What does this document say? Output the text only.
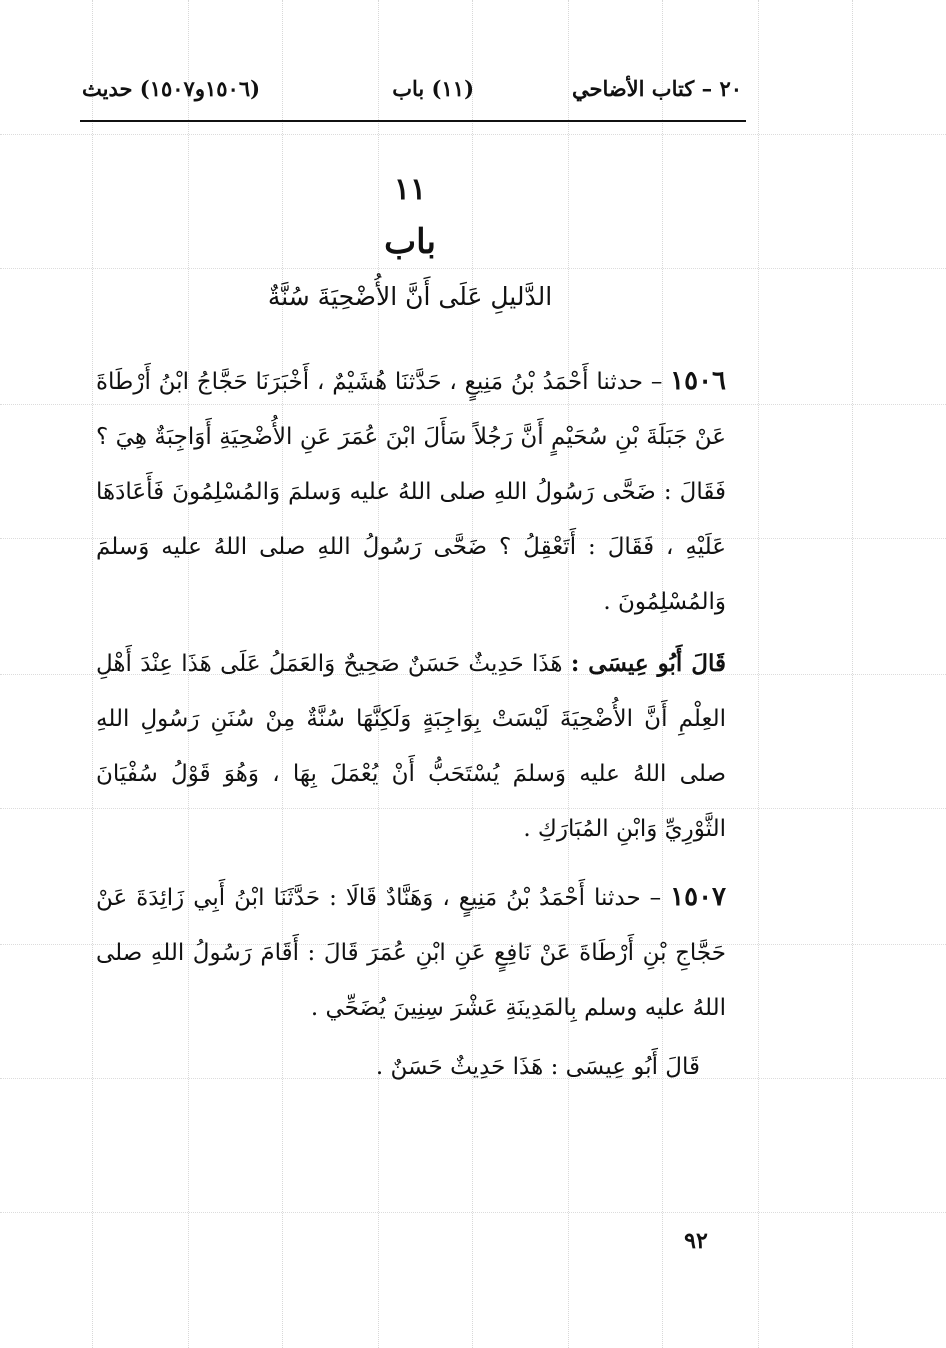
٢٠ – كتاب الأضاحي
(١١) باب
(١٥٠٦و١٥٠٧) حديث
١١
باب
الدَّليلِ عَلَى أَنَّ الأُضْحِيَةَ سُنَّةٌ
١٥٠٦ – حدثنا أَحْمَدُ بْنُ مَنِيعٍ ، حَدَّثنَا هُشَيْمٌ ، أَخْبَرَنَا حَجَّاجُ ابْنُ أَرْطَاةَ عَنْ جَبَلَةَ بْنِ سُحَيْمٍ أَنَّ رَجُلاً سَأَلَ ابْنَ عُمَرَ عَنِ الأُضْحِيَةِ أَوَاجِبَةٌ هِيَ ؟ فَقَالَ : ضَحَّى رَسُولُ اللهِ صلى اللهُ عليه وَسلمَ وَالمُسْلِمُونَ فَأَعَادَهَا عَلَيْهِ ، فَقَالَ : أَتَعْقِلُ ؟ ضَحَّى رَسُولُ اللهِ صلى اللهُ عليه وَسلمَ وَالمُسْلِمُونَ .
قَالَ أَبُو عِيسَى : هَذَا حَدِيثٌ حَسَنٌ صَحِيحٌ وَالعَمَلُ عَلَى هَذَا عِنْدَ أَهْلِ العِلْمِ أَنَّ الأُضْحِيَةَ لَيْسَتْ بِوَاجِبَةٍ وَلَكِنَّهَا سُنَّةٌ مِنْ سُنَنِ رَسُولِ اللهِ صلى اللهُ عليه وَسلمَ يُسْتَحَبُّ أَنْ يُعْمَلَ بِهَا ، وَهُوَ قَوْلُ سُفْيَانَ الثَّوْرِيِّ وَابْنِ المُبَارَكِ .
١٥٠٧ – حدثنا أَحْمَدُ بْنُ مَنِيعٍ ، وَهَنَّادٌ قَالَا : حَدَّثَنَا ابْنُ أَبِي زَائِدَةَ عَنْ حَجَّاجِ بْنِ أَرْطَاةَ عَنْ نَافِعٍ عَنِ ابْنِ عُمَرَ قَالَ : أَقَامَ رَسُولُ اللهِ صلى اللهُ عليه وسلم بِالمَدِينَةِ عَشْرَ سِنِينَ يُضَحِّي .
قَالَ أَبُو عِيسَى : هَذَا حَدِيثٌ حَسَنٌ .
٩٢
